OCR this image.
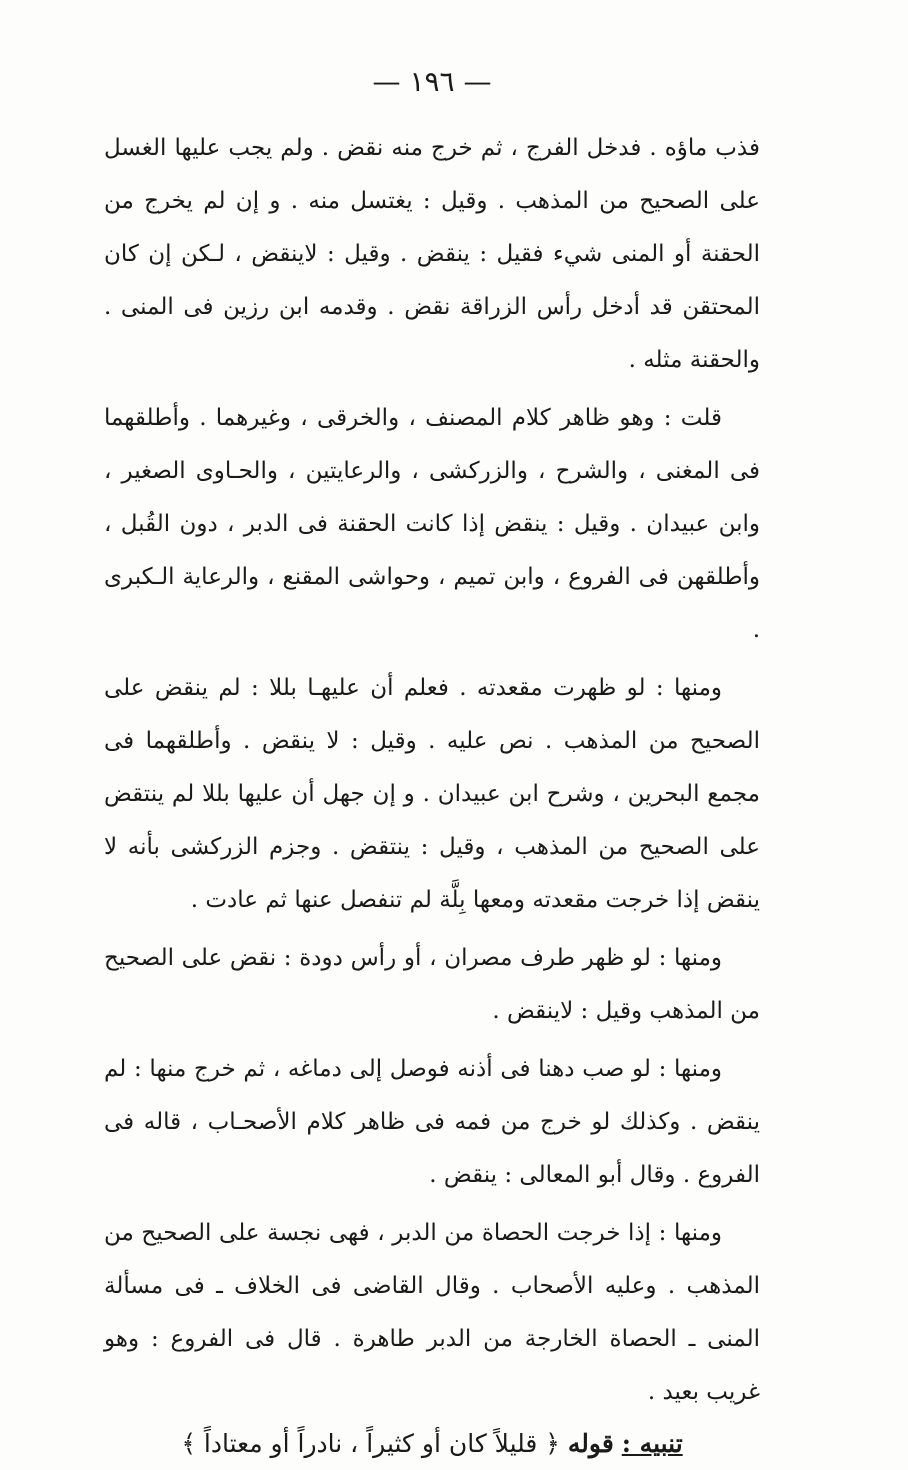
— ١٩٦ —

فذب ماؤه . فدخل الفرج ، ثم خرج منه نقض . ولم يجب عليها الغسل على الصحيح من المذهب . وقيل : يغتسل منه . و إن لم يخرج من الحقنة أو المنى شيء فقيل : ينقض . وقيل : لاينقض ، لـكن إن كان المحتقن قد أدخل رأس الزراقة نقض . وقدمه ابن رزين فى المنى . والحقنة مثله .

قلت : وهو ظاهر كلام المصنف ، والخرقى ، وغيرهما . وأطلقهما فى المغنى ، والشرح ، والزركشى ، والرعايتين ، والحـاوى الصغير ، وابن عبيدان . وقيل : ينقض إذا كانت الحقنة فى الدبر ، دون القُبل ، وأطلقهن فى الفروع ، وابن تميم ، وحواشى المقنع ، والرعاية الـكبرى .

ومنها : لو ظهرت مقعدته . فعلم أن عليهـا بللا : لم ينقض على الصحيح من المذهب . نص عليه . وقيل : لا ينقض . وأطلقهما فى مجمع البحرين ، وشرح ابن عبيدان . و إن جهل أن عليها بللا لم ينتقض على الصحيح من المذهب ، وقيل : ينتقض . وجزم الزركشى بأنه لا ينقض إذا خرجت مقعدته ومعها بِلَّة لم تنفصل عنها ثم عادت .

ومنها : لو ظهر طرف مصران ، أو رأس دودة : نقض على الصحيح من المذهب وقيل : لاينقض .

ومنها : لو صب دهنا فى أذنه فوصل إلى دماغه ، ثم خرج منها : لم ينقض . وكذلك لو خرج من فمه فى ظاهر كلام الأصحـاب ، قاله فى الفروع . وقال أبو المعالى : ينقض .

ومنها : إذا خرجت الحصاة من الدبر ، فهى نجسة على الصحيح من المذهب . وعليه الأصحاب . وقال القاضى فى الخلاف ـ فى مسألة المنى ـ الحصاة الخارجة من الدبر طاهرة . قال فى الفروع : وهو غريب بعيد .

تنبيه : قوله ﴿ قليلاً كان أو كثيراً ، نادراً أو معتاداً ﴾
